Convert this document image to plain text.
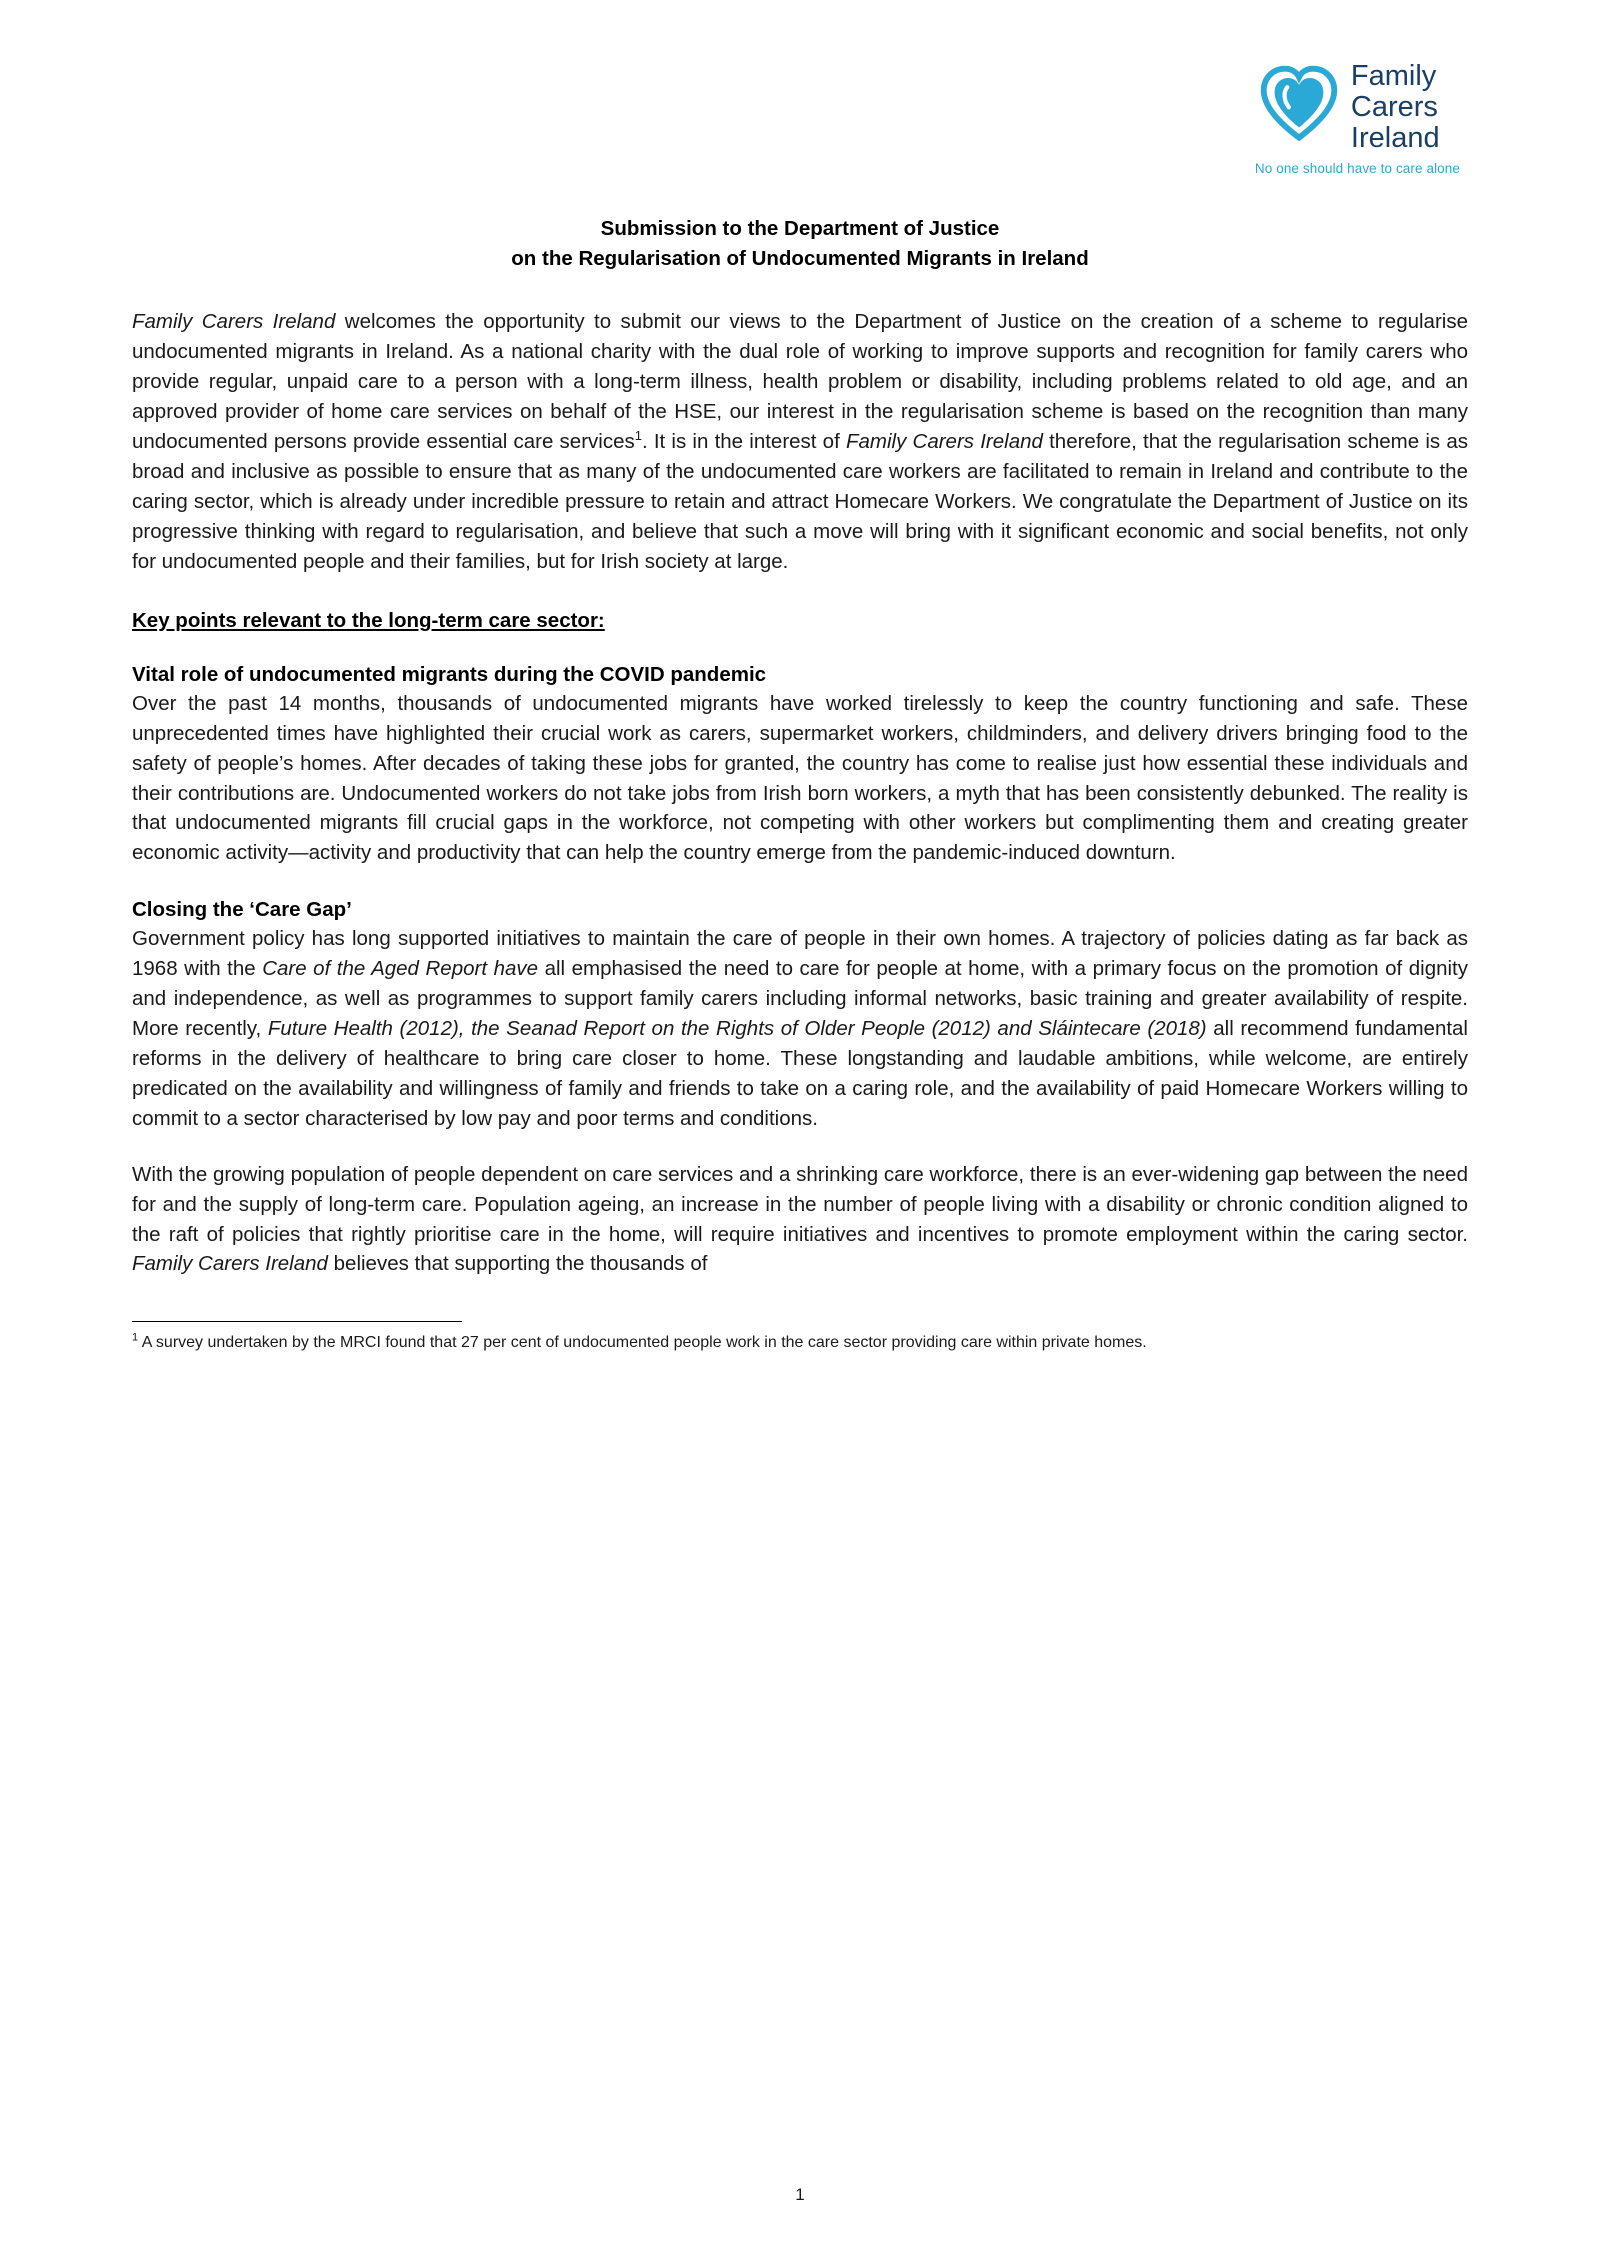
Family
Carers
Ireland
No one should have to care alone
Submission to the Department of Justice
on the Regularisation of Undocumented Migrants in Ireland

Family Carers Ireland welcomes the opportunity to submit our views to the Department of Justice on the creation of a scheme to regularise undocumented migrants in Ireland. As a national charity with the dual role of working to improve supports and recognition for family carers who provide regular, unpaid care to a person with a long-term illness, health problem or disability, including problems related to old age, and an approved provider of home care services on behalf of the HSE, our interest in the regularisation scheme is based on the recognition than many undocumented persons provide essential care services$^1$. It is in the interest of Family Carers Ireland therefore, that the regularisation scheme is as broad and inclusive as possible to ensure that as many of the undocumented care workers are facilitated to remain in Ireland and contribute to the caring sector, which is already under incredible pressure to retain and attract Homecare Workers. We congratulate the Department of Justice on its progressive thinking with regard to regularisation, and believe that such a move will bring with it significant economic and social benefits, not only for undocumented people and their families, but for Irish society at large.

Key points relevant to the long-term care sector:
Vital role of undocumented migrants during the COVID pandemic

Over the past 14 months, thousands of undocumented migrants have worked tirelessly to keep the country functioning and safe. These unprecedented times have highlighted their crucial work as carers, supermarket workers, childminders, and delivery drivers bringing food to the safety of people’s homes. After decades of taking these jobs for granted, the country has come to realise just how essential these individuals and their contributions are. Undocumented workers do not take jobs from Irish born workers, a myth that has been consistently debunked. The reality is that undocumented migrants fill crucial gaps in the workforce, not competing with other workers but complimenting them and creating greater economic activity—activity and productivity that can help the country emerge from the pandemic-induced downturn.

Closing the ‘Care Gap’

Government policy has long supported initiatives to maintain the care of people in their own homes. A trajectory of policies dating as far back as 1968 with the Care of the Aged Report have all emphasised the need to care for people at home, with a primary focus on the promotion of dignity and independence, as well as programmes to support family carers including informal networks, basic training and greater availability of respite. More recently, Future Health (2012), the Seanad Report on the Rights of Older People (2012) and Sláintecare (2018) all recommend fundamental reforms in the delivery of healthcare to bring care closer to home. These longstanding and laudable ambitions, while welcome, are entirely predicated on the availability and willingness of family and friends to take on a caring role, and the availability of paid Homecare Workers willing to commit to a sector characterised by low pay and poor terms and conditions.

With the growing population of people dependent on care services and a shrinking care workforce, there is an ever-widening gap between the need for and the supply of long-term care. Population ageing, an increase in the number of people living with a disability or chronic condition aligned to the raft of policies that rightly prioritise care in the home, will require initiatives and incentives to promote employment within the caring sector. Family Carers Ireland believes that supporting the thousands of

$^1$ A survey undertaken by the MRCI found that 27 per cent of undocumented people work in the care sector providing care within private homes.
1
